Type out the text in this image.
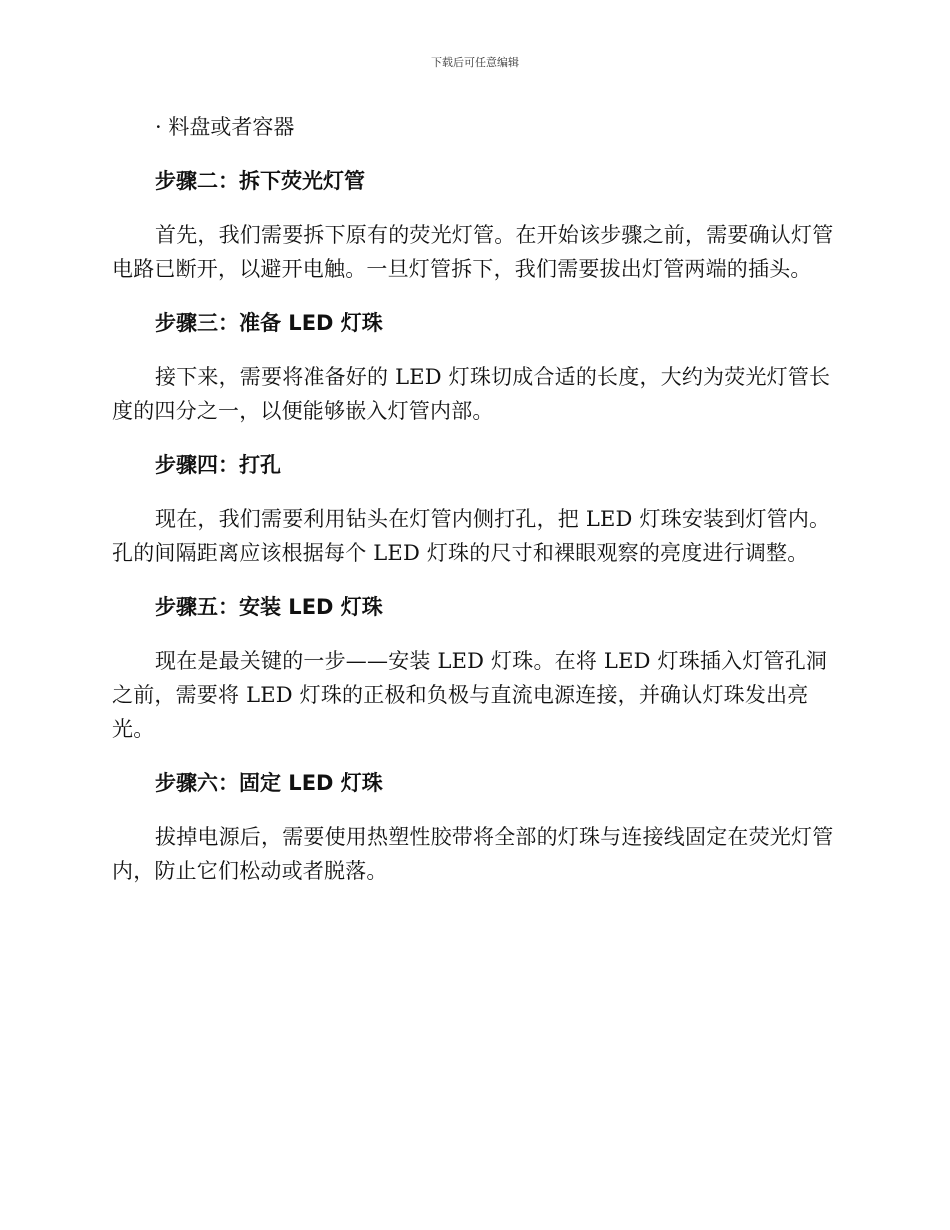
下载后可任意编辑

· 料盘或者容器

步骤二：拆下荧光灯管

首先，我们需要拆下原有的荧光灯管。在开始该步骤之前，需要确认灯管电路已断开，以避开电触。一旦灯管拆下，我们需要拔出灯管两端的插头。

步骤三：准备 LED 灯珠

接下来，需要将准备好的 LED 灯珠切成合适的长度，大约为荧光灯管长度的四分之一，以便能够嵌入灯管内部。

步骤四：打孔

现在，我们需要利用钻头在灯管内侧打孔，把 LED 灯珠安装到灯管内。孔的间隔距离应该根据每个 LED 灯珠的尺寸和裸眼观察的亮度进行调整。

步骤五：安装 LED 灯珠

现在是最关键的一步——安装 LED 灯珠。在将 LED 灯珠插入灯管孔洞之前，需要将 LED 灯珠的正极和负极与直流电源连接，并确认灯珠发出亮光。

步骤六：固定 LED 灯珠

拔掉电源后，需要使用热塑性胶带将全部的灯珠与连接线固定在荧光灯管内，防止它们松动或者脱落。
